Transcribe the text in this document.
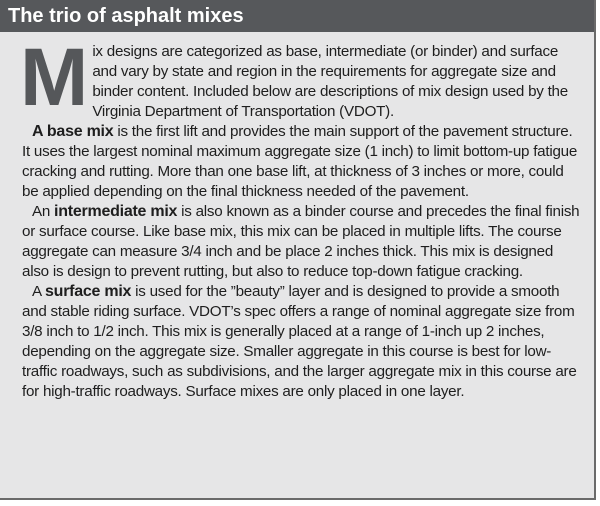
The trio of asphalt mixes

Mix designs are categorized as base, intermediate (or binder) and surface and vary by state and region in the requirements for aggregate size and binder content. Included below are descriptions of mix design used by the Virginia Department of Transportation (VDOT).

A base mix is the first lift and provides the main support of the pavement structure. It uses the largest nominal maximum aggregate size (1 inch) to limit bottom-up fatigue cracking and rutting. More than one base lift, at thickness of 3 inches or more, could be applied depending on the final thickness needed of the pavement.

An intermediate mix is also known as a binder course and precedes the final finish or surface course. Like base mix, this mix can be placed in multiple lifts. The course aggregate can measure 3/4 inch and be place 2 inches thick. This mix is designed also is design to prevent rutting, but also to reduce top-down fatigue cracking.

A surface mix is used for the ”beauty” layer and is designed to provide a smooth and stable riding surface. VDOT’s spec offers a range of nominal aggregate size from 3/8 inch to 1/2 inch. This mix is generally placed at a range of 1-inch up 2 inches, depending on the aggregate size. Smaller aggregate in this course is best for low-traffic roadways, such as subdivisions, and the larger aggregate mix in this course are for high-traffic roadways. Surface mixes are only placed in one layer.
